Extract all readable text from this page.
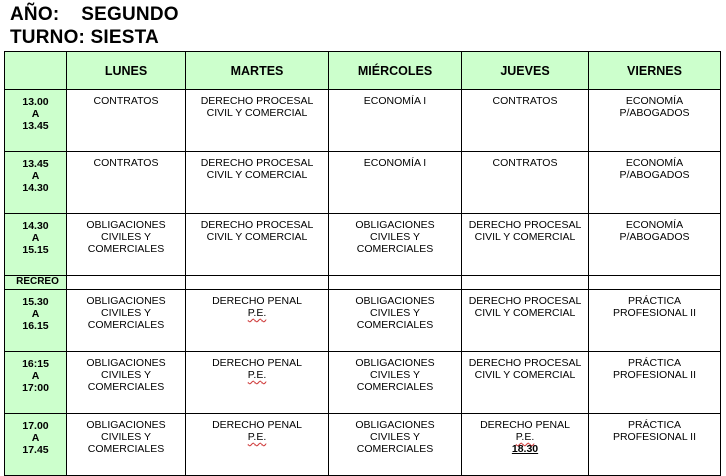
AÑO:    SEGUNDO
TURNO: SIESTA
	LUNES	MARTES	MIÉRCOLES	JUEVES	VIERNES

13.00
A
13.45	CONTRATOS	DERECHO PROCESAL
CIVIL Y COMERCIAL	ECONOMÍA I	CONTRATOS	ECONOMÍA
P/ABOGADOS

13.45
A
14.30	CONTRATOS	DERECHO PROCESAL
CIVIL Y COMERCIAL	ECONOMÍA I	CONTRATOS	ECONOMÍA
P/ABOGADOS

14.30
A
15.15	OBLIGACIONES
CIVILES Y
COMERCIALES	DERECHO PROCESAL
CIVIL Y COMERCIAL	OBLIGACIONES
CIVILES Y
COMERCIALES	DERECHO PROCESAL
CIVIL Y COMERCIAL	ECONOMÍA
P/ABOGADOS

RECREO					

15.30
A
16.15	OBLIGACIONES
CIVILES Y
COMERCIALES	DERECHO PENAL
P.E.	OBLIGACIONES
CIVILES Y
COMERCIALES	DERECHO PROCESAL
CIVIL Y COMERCIAL	PRÁCTICA
PROFESIONAL II

16:15
A
17:00	OBLIGACIONES
CIVILES Y
COMERCIALES	DERECHO PENAL
P.E.	OBLIGACIONES
CIVILES Y
COMERCIALES	DERECHO PROCESAL
CIVIL Y COMERCIAL	PRÁCTICA
PROFESIONAL II

17.00
A
17.45	OBLIGACIONES
CIVILES Y
COMERCIALES	DERECHO PENAL
P.E.	OBLIGACIONES
CIVILES Y
COMERCIALES	DERECHO PENAL
P.E.
18.30	PRÁCTICA
PROFESIONAL II
